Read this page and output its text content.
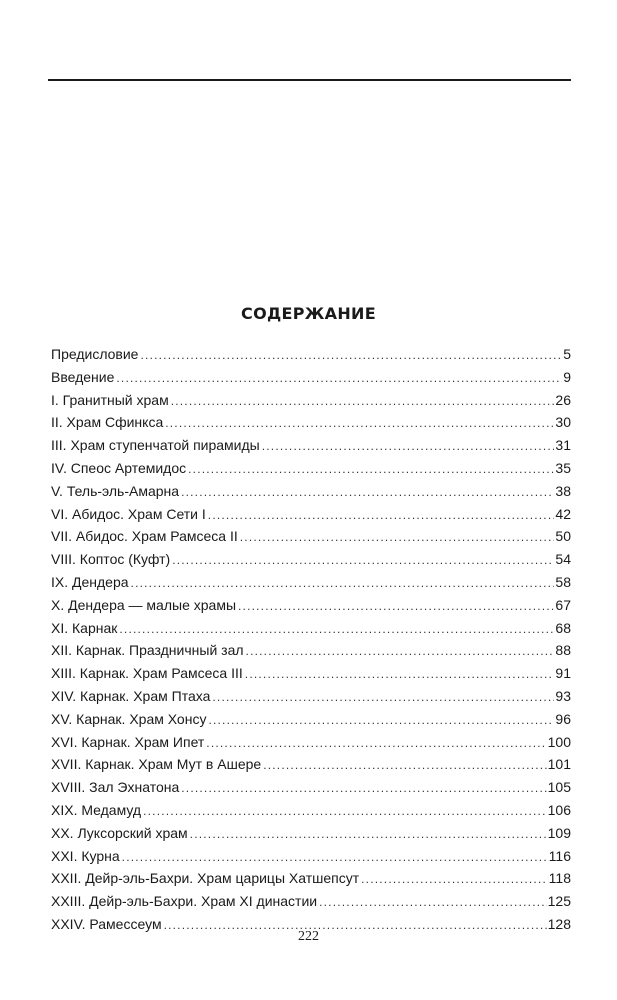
СОДЕРЖАНИЕ
Предисловие .....	5
Введение .....	9
I. Гранитный храм .....	26
II. Храм Сфинкса .....	30
III. Храм ступенчатой пирамиды .....	31
IV. Спеос Артемидос .....	35
V. Тель-эль-Амарна .....	38
VI. Абидос. Храм Сети I .....	42
VII. Абидос. Храм Рамсеса II .....	50
VIII. Коптос (Куфт) .....	54
IX. Дендера .....	58
X. Дендера — малые храмы .....	67
XI. Карнак .....	68
XII. Карнак. Праздничный зал .....	88
XIII. Карнак. Храм Рамсеса III .....	91
XIV. Карнак. Храм Птаха .....	93
XV. Карнак. Храм Хонсу .....	96
XVI. Карнак. Храм Ипет .....	100
XVII. Карнак. Храм Мут в Ашере .....	101
XVIII. Зал Эхнатона .....	105
XIX. Медамуд .....	106
XX. Луксорский храм .....	109
XXI. Курна .....	116
XXII. Дейр-эль-Бахри. Храм царицы Хатшепсут .....	118
XXIII. Дейр-эль-Бахри. Храм XI династии .....	125
XXIV. Рамессеум .....	128
222
